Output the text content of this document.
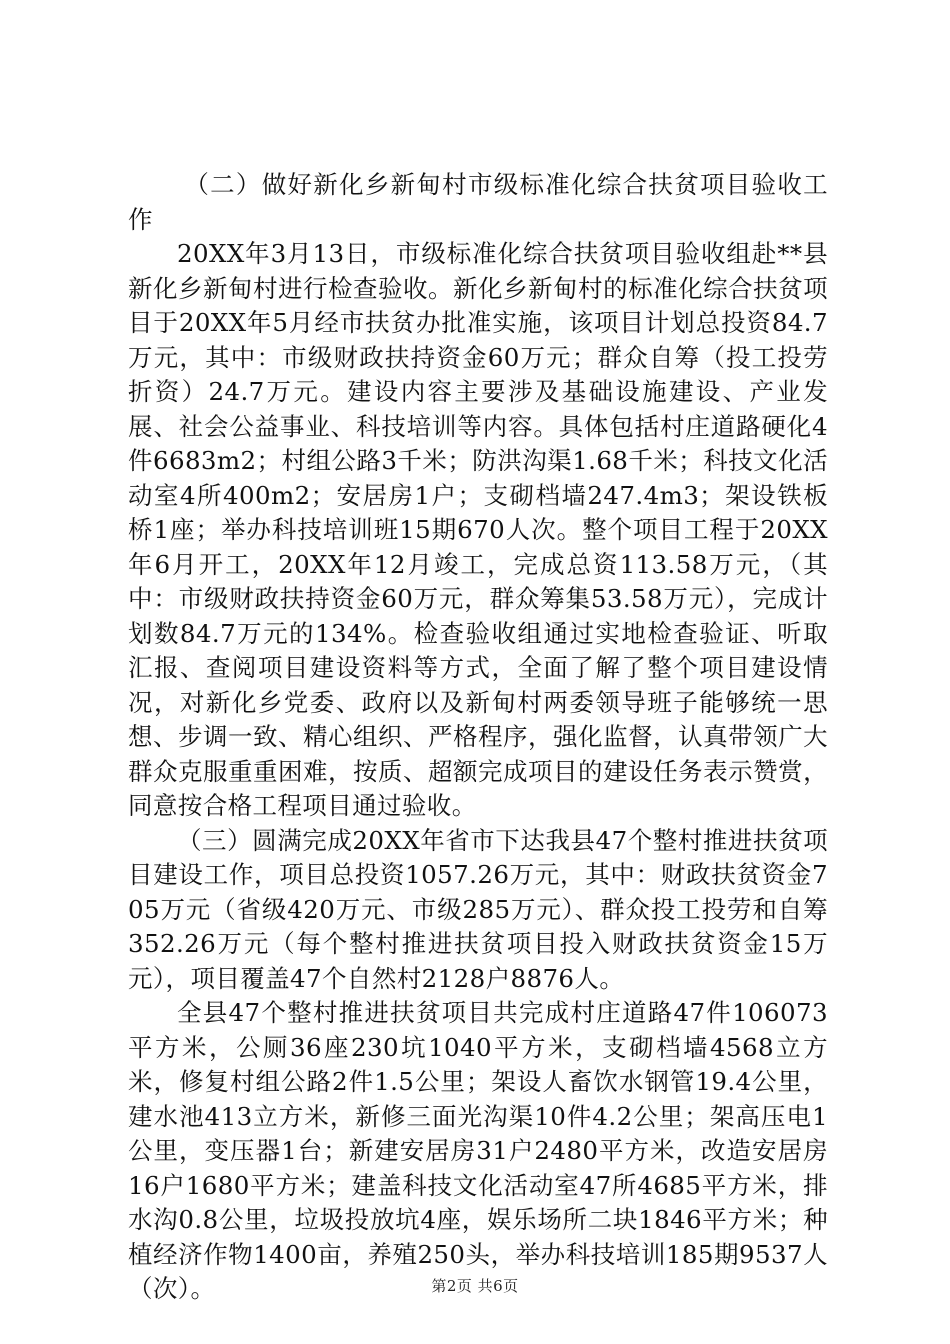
（二）做好新化乡新甸村市级标准化综合扶贫项目验收工作

20XX年3月13日，市级标准化综合扶贫项目验收组赴**县新化乡新甸村进行检查验收。新化乡新甸村的标准化综合扶贫项目于20XX年5月经市扶贫办批准实施，该项目计划总投资84.7万元，其中：市级财政扶持资金60万元；群众自筹（投工投劳折资）24.7万元。建设内容主要涉及基础设施建设、产业发展、社会公益事业、科技培训等内容。具体包括村庄道路硬化4件6683m2；村组公路3千米；防洪沟渠1.68千米；科技文化活动室4所400m2；安居房1户；支砌档墙247.4m3；架设铁板桥1座；举办科技培训班15期670人次。整个项目工程于20XX年6月开工，20XX年12月竣工，完成总资113.58万元，（其中：市级财政扶持资金60万元，群众筹集53.58万元），完成计划数84.7万元的134%。检查验收组通过实地检查验证、听取汇报、查阅项目建设资料等方式，全面了解了整个项目建设情况，对新化乡党委、政府以及新甸村两委领导班子能够统一思想、步调一致、精心组织、严格程序，强化监督，认真带领广大群众克服重重困难，按质、超额完成项目的建设任务表示赞赏，同意按合格工程项目通过验收。

（三）圆满完成20XX年省市下达我县47个整村推进扶贫项目建设工作，项目总投资1057.26万元，其中：财政扶贫资金705万元（省级420万元、市级285万元）、群众投工投劳和自筹352.26万元（每个整村推进扶贫项目投入财政扶贫资金15万元），项目覆盖47个自然村2128户8876人。

全县47个整村推进扶贫项目共完成村庄道路47件106073平方米，公厕36座230坑1040平方米，支砌档墙4568立方米，修复村组公路2件1.5公里；架设人畜饮水钢管19.4公里，建水池413立方米，新修三面光沟渠10件4.2公里；架高压电1公里，变压器1台；新建安居房31户2480平方米，改造安居房16户1680平方米；建盖科技文化活动室47所4685平方米，排水沟0.8公里，垃圾投放坑4座，娱乐场所二块1846平方米；种植经济作物1400亩，养殖250头，举办科技培训185期9537人（次）。	第2页 共6页
